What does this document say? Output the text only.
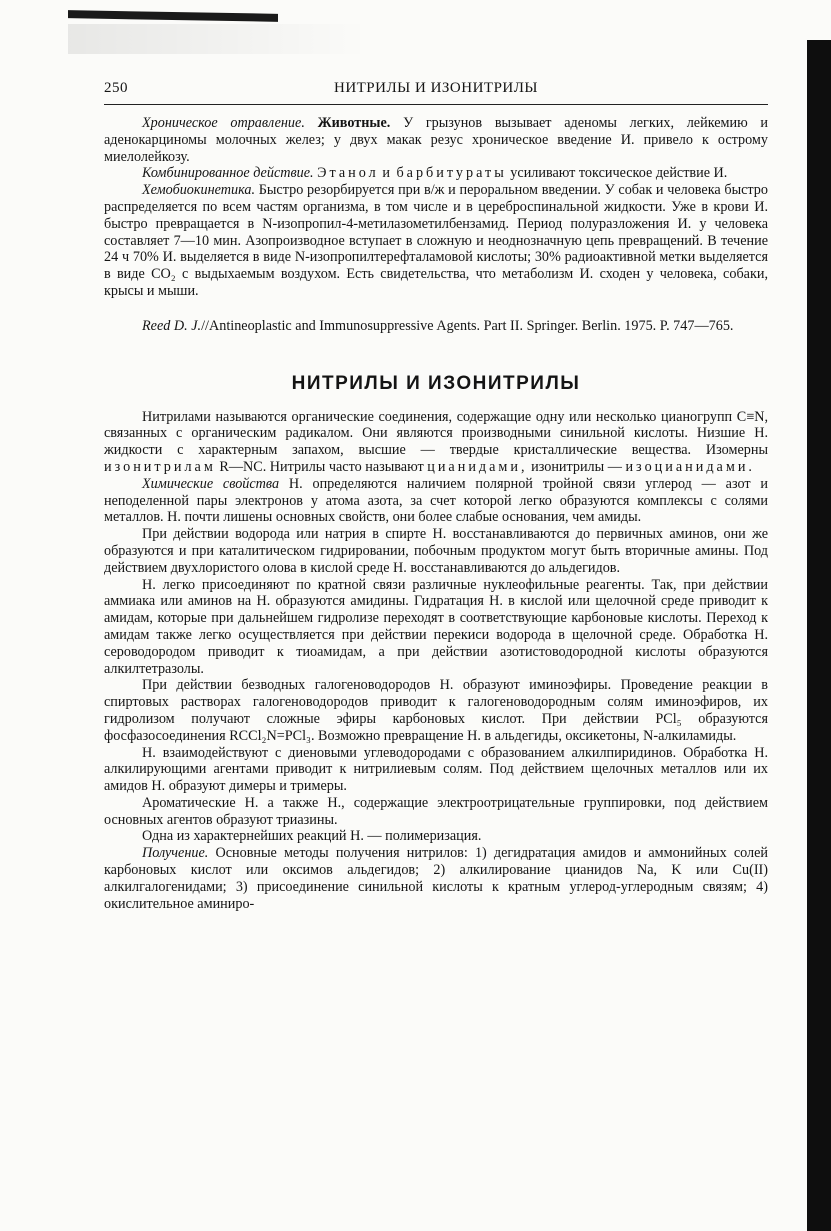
250	НИТРИЛЫ И ИЗОНИТРИЛЫ

Хроническое отравление. Животные. У грызунов вызывает аденомы легких, лейкемию и аденокарциномы молочных желез; у двух макак резус хроническое введение И. привело к острому миелолейкозу.

Комбинированное действие. Этанол и барбитураты усиливают токсическое действие И.

Хемобиокинетика. Быстро резорбируется при в/ж и пероральном введении. У собак и человека быстро распределяется по всем частям организма, в том числе и в цереброспинальной жидкости. Уже в крови И. быстро превращается в N-изопропил-4-метилазометилбензамид. Период полуразложения И. у человека составляет 7—10 мин. Азопроизводное вступает в сложную и неоднозначную цепь превращений. В течение 24 ч 70% И. выделяется в виде N-изопропилтерефталамовой кислоты; 30% радиоактивной метки выделяется в виде CO₂ с выдыхаемым воздухом. Есть свидетельства, что метаболизм И. сходен у человека, собаки, крысы и мыши.

Reed D. J.//Antineoplastic and Immunosuppressive Agents. Part II. Springer. Berlin. 1975. P. 747—765.

НИТРИЛЫ И ИЗОНИТРИЛЫ

Нитрилами называются органические соединения, содержащие одну или несколько цианогрупп C≡N, связанных с органическим радикалом. Они являются производными синильной кислоты. Низшие Н. жидкости с характерным запахом, высшие — твердые кристаллические вещества. Изомерны изонитрилам R—NC. Нитрилы часто называют цианидами, изонитрилы — изоцианидами.

Химические свойства Н. определяются наличием полярной тройной связи углерод — азот и неподеленной пары электронов у атома азота, за счет которой легко образуются комплексы с солями металлов. Н. почти лишены основных свойств, они более слабые основания, чем амиды.

При действии водорода или натрия в спирте Н. восстанавливаются до первичных аминов, они же образуются и при каталитическом гидрировании, побочным продуктом могут быть вторичные амины. Под действием двухлористого олова в кислой среде Н. восстанавливаются до альдегидов.

Н. легко присоединяют по кратной связи различные нуклеофильные реагенты. Так, при действии аммиака или аминов на Н. образуются амидины. Гидратация Н. в кислой или щелочной среде приводит к амидам, которые при дальнейшем гидролизе переходят в соответствующие карбоновые кислоты. Переход к амидам также легко осуществляется при действии перекиси водорода в щелочной среде. Обработка Н. сероводородом приводит к тиоамидам, а при действии азотистоводородной кислоты образуются алкилтетразолы.

При действии безводных галогеноводородов Н. образуют иминоэфиры. Проведение реакции в спиртовых растворах галогеноводородов приводит к галогеноводородным солям иминоэфиров, их гидролизом получают сложные эфиры карбоновых кислот. При действии PCl₅ образуются фосфазосоединения RCCl₂N=PCl₃. Возможно превращение Н. в альдегиды, оксикетоны, N-алкиламиды.

Н. взаимодействуют с диеновыми углеводородами с образованием алкилпиридинов. Обработка Н. алкилирующими агентами приводит к нитрилиевым солям. Под действием щелочных металлов или их амидов Н. образуют димеры и тримеры.

Ароматические Н. а также Н., содержащие электроотрицательные группировки, под действием основных агентов образуют триазины.

Одна из характернейших реакций Н. — полимеризация.

Получение. Основные методы получения нитрилов: 1) дегидратация амидов и аммонийных солей карбоновых кислот или оксимов альдегидов; 2) алкилирование цианидов Na, K или Cu(II) алкилгалогенидами; 3) присоединение синильной кислоты к кратным углерод-углеродным связям; 4) окислительное аминиро-
